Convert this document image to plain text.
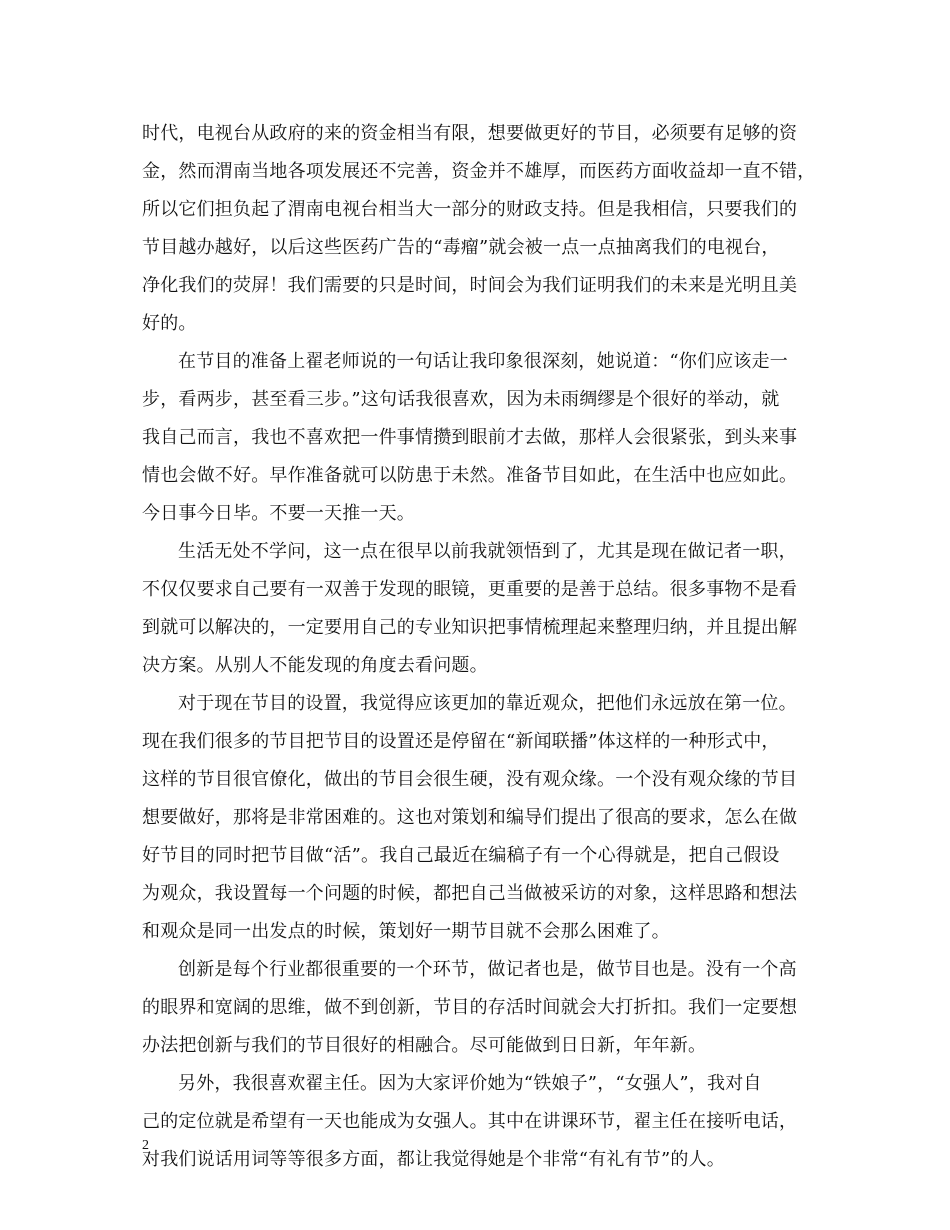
时代，电视台从政府的来的资金相当有限，想要做更好的节目，必须要有足够的资
金，然而渭南当地各项发展还不完善，资金并不雄厚，而医药方面收益却一直不错，
所以它们担负起了渭南电视台相当大一部分的财政支持。但是我相信，只要我们的
节目越办越好，以后这些医药广告的“毒瘤”就会被一点一点抽离我们的电视台，
净化我们的荧屏！我们需要的只是时间，时间会为我们证明我们的未来是光明且美
好的。
在节目的准备上翟老师说的一句话让我印象很深刻，她说道：“你们应该走一
步，看两步，甚至看三步。”这句话我很喜欢，因为未雨绸缪是个很好的举动，就
我自己而言，我也不喜欢把一件事情攒到眼前才去做，那样人会很紧张，到头来事
情也会做不好。早作准备就可以防患于未然。准备节目如此，在生活中也应如此。
今日事今日毕。不要一天推一天。
生活无处不学问，这一点在很早以前我就领悟到了，尤其是现在做记者一职，
不仅仅要求自己要有一双善于发现的眼镜，更重要的是善于总结。很多事物不是看
到就可以解决的，一定要用自己的专业知识把事情梳理起来整理归纳，并且提出解
决方案。从别人不能发现的角度去看问题。
对于现在节目的设置，我觉得应该更加的靠近观众，把他们永远放在第一位。
现在我们很多的节目把节目的设置还是停留在“新闻联播”体这样的一种形式中，
这样的节目很官僚化，做出的节目会很生硬，没有观众缘。一个没有观众缘的节目
想要做好，那将是非常困难的。这也对策划和编导们提出了很高的要求，怎么在做
好节目的同时把节目做“活”。我自己最近在编稿子有一个心得就是，把自己假设
为观众，我设置每一个问题的时候，都把自己当做被采访的对象，这样思路和想法
和观众是同一出发点的时候，策划好一期节目就不会那么困难了。
创新是每个行业都很重要的一个环节，做记者也是，做节目也是。没有一个高
的眼界和宽阔的思维，做不到创新，节目的存活时间就会大打折扣。我们一定要想
办法把创新与我们的节目很好的相融合。尽可能做到日日新，年年新。
另外，我很喜欢翟主任。因为大家评价她为“铁娘子”，“女强人”，我对自
己的定位就是希望有一天也能成为女强人。其中在讲课环节，翟主任在接听电话，
对我们说话用词等等很多方面，都让我觉得她是个非常“有礼有节”的人。
2
